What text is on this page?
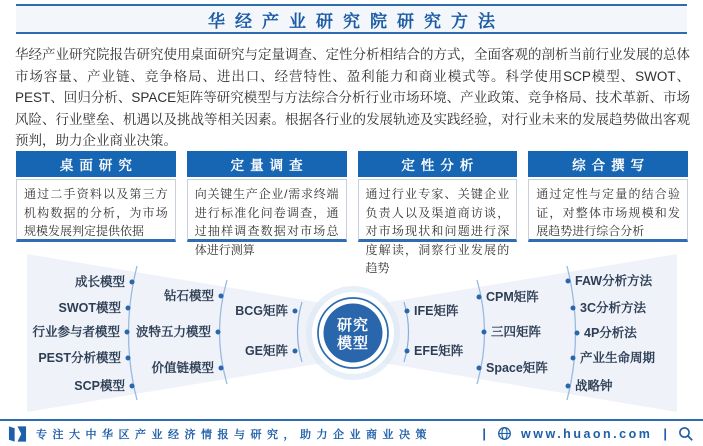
华经产业研究院研究方法
华经产业研究院报告研究使用桌面研究与定量调查、定性分析相结合的方式，全面客观的剖析当前行业发展的总体市场容量、产业链、竞争格局、进出口、经营特性、盈利能力和商业模式等。科学使用SCP模型、SWOT、PEST、回归分析、SPACE矩阵等研究模型与方法综合分析行业市场环境、产业政策、竞争格局、技术革新、市场风险、行业壁垒、机遇以及挑战等相关因素。根据各行业的发展轨迹及实践经验，对行业未来的发展趋势做出客观预判，助力企业商业决策。
桌面研究
通过二手资料以及第三方机构数据的分析，为市场规模发展判定提供依据
定量调查
向关键生产企业/需求终端进行标准化问卷调查，通过抽样调查数据对市场总体进行测算
定性分析
通过行业专家、关键企业负责人以及渠道商访谈，对市场现状和问题进行深度解读，洞察行业发展的趋势
综合撰写
通过定性与定量的结合验证，对整体市场规模和发展趋势进行综合分析
成长模型
SWOT模型
行业参与者模型
PEST分析模型
SCP模型
钻石模型
波特五力模型
价值链模型
BCG矩阵
GE矩阵
IFE矩阵
EFE矩阵
CPM矩阵
三四矩阵
Space矩阵
FAW分析方法
3C分析方法
4P分析法
产业生命周期
战略钟
研究
模型
专注大中华区产业经济情报与研究，助力企业商业决策	|	www.huaon.com |
